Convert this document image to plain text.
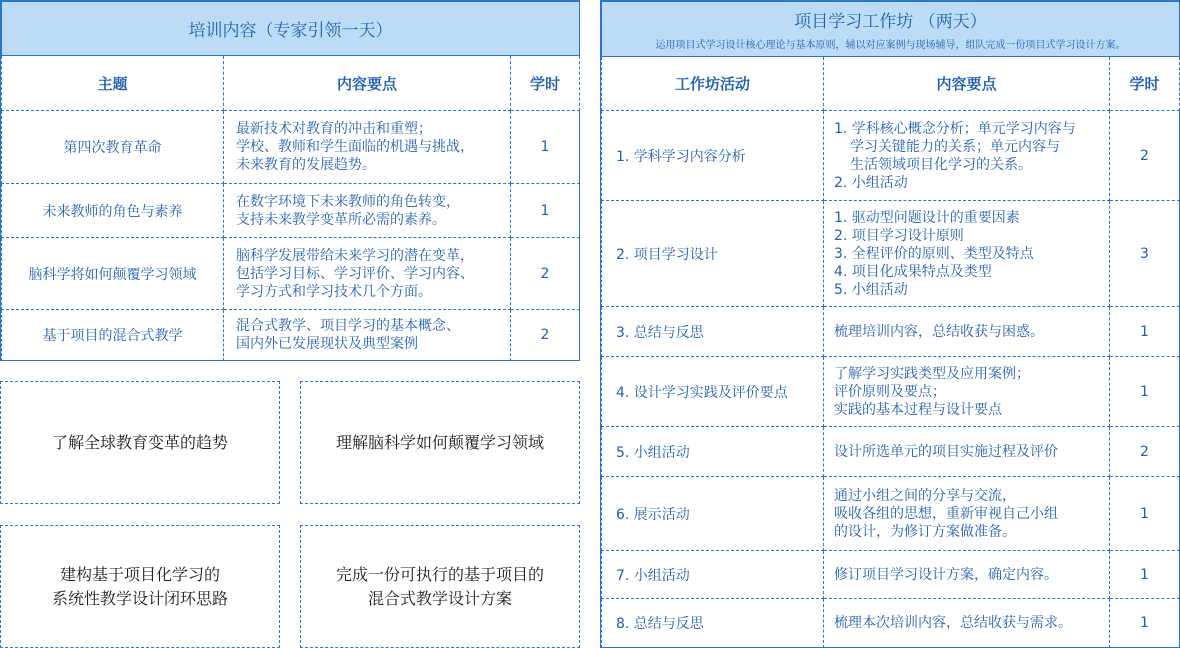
培训内容（专家引领一天）		
主题	内容要点	学时
第四次教育革命	最新技术对教育的冲击和重塑；
学校、教师和学生面临的机遇与挑战，
未来教育的发展趋势。	1
未来教师的角色与素养	在数字环境下未来教师的角色转变，
支持未来教学变革所必需的素养。	1
脑科学将如何颠覆学习领域	脑科学发展带给未来学习的潜在变革，
包括学习目标、学习评价、学习内容、
学习方式和学习技术几个方面。	2
基于项目的混合式教学	混合式教学、项目学习的基本概念、
国内外已发展现状及典型案例	2
了解全球教育变革的趋势	理解脑科学如何颠覆学习领域
建构基于项目化学习的
系统性教学设计闭环思路
完成一份可执行的基于项目的
混合式教学设计方案
项目学习工作坊 （两天）
运用项目式学习设计核心理论与基本原则，辅以对应案例与现场辅导，组队完成一份项目式学习设计方案。		

工作坊活动	内容要点	学时
1. 学科学习内容分析	1. 学科核心概念分析；单元学习内容与
学习关键能力的关系；单元内容与
生活领域项目化学习的关系。
2. 小组活动	2
2. 项目学习设计	1. 驱动型问题设计的重要因素
2. 项目学习设计原则
3. 全程评价的原则、类型及特点
4. 项目化成果特点及类型
5. 小组活动	3
3. 总结与反思	梳理培训内容，总结收获与困惑。	1
4. 设计学习实践及评价要点	了解学习实践类型及应用案例；
评价原则及要点；
实践的基本过程与设计要点	1
5. 小组活动	设计所选单元的项目实施过程及评价	2
6. 展示活动	通过小组之间的分享与交流，
吸收各组的思想，重新审视自己小组
的设计，为修订方案做准备。	1
7. 小组活动	修订项目学习设计方案，确定内容。	1
8. 总结与反思	梳理本次培训内容，总结收获与需求。	1
